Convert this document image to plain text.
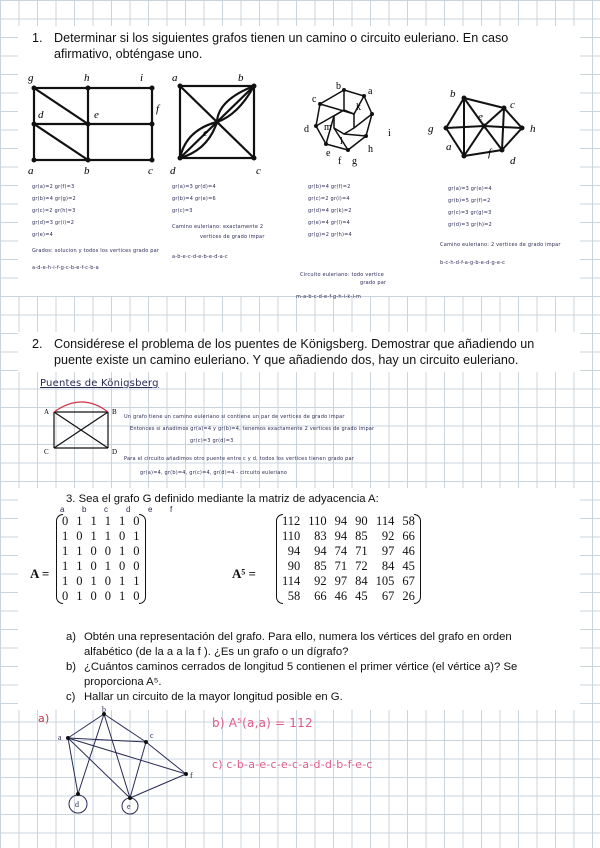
1. Determinar si los siguientes grafos tienen un camino o circuito euleriano. En caso
afirmativo, obténgase uno.
g	h	i
d	e	f
a	b	c
a	b
e
d	c
b	a
c
d	i
m
k
e	h
l
g
f
b
c
g
e
h
a	f
d
gr(a)=2 gr(f)=3
gr(b)=4 gr(g)=2
gr(c)=2 gr(h)=3
gr(d)=3 gr(i)=2
gr(e)=4
Grados: solucion y todos los vertices grado par
a-d-e-h-i-f-g-c-b-e-f-c-b-a
gr(a)=3 gr(d)=4
gr(b)=4 gr(e)=6
gr(c)=3
Camino euleriano: exactamente 2
vertices de grado impar
a-b-e-c-d-e-b-e-d-a-c
gr(b)=4 gr(f)=2
gr(c)=2 gr(i)=4
gr(d)=4 gr(k)=2
gr(e)=4 gr(l)=4
gr(g)=2 gr(h)=4
Circuito euleriano: todo vertice
grado par
m-a-b-c-d-e-f-g-h-i-k-l-m
gr(a)=3 gr(e)=4
gr(b)=5 gr(f)=2
gr(c)=3 gr(g)=3
gr(d)=3 gr(h)=2
Camino euleriano: 2 vertices de grado impar
b-c-h-d-f-a-g-b-e-d-g-e-c
2. Considérese el problema de los puentes de Königsberg. Demostrar que añadiendo un
puente existe un camino euleriano. Y que añadiendo dos, hay un circuito euleriano.
Puentes de Königsberg
A	B
C	D
Un grafo tiene un camino euleriano si contiene un par de vertices de grado impar
Entonces si añadimos gr(a)=4 y gr(b)=4, tenemos exactamente 2 vertices de grado impar
gr(c)=3 gr(d)=3
Para el circuito añadimos otro puente entre c y d, todos los vertices tienen grado par
gr(a)=4, gr(b)=4, gr(c)=4, gr(d)=4 - circuito euleriano
3. Sea el grafo G definido mediante la matriz de adyacencia A:
a b c d e f
A =
0	1	1	1	1	0
1	0	1	1	0	1
1	1	0	0	1	0
1	1	0	1	0	0
1	0	1	0	1	1
0	1	0	0	1	0
A⁵ =
112	110	94	90	114	58
110	83	94	85	92	66
94	94	74	71	97	46
90	85	71	72	84	45
114	92	97	84	105	67
58	66	46	45	67	26
a) Obtén una representación del grafo. Para ello, numera los vértices del grafo en orden
alfabético (de la a a la f ). ¿Es un grafo o un dígrafo?
b) ¿Cuántos caminos cerrados de longitud 5 contienen el primer vértice (el vértice a)? Se
proporciona A⁵.
c) Hallar un circuito de la mayor longitud posible en G.
a)
b
a	c
f
d	e
b) A⁵(a,a) = 112
c) c-b-a-e-c-e-c-a-d-d-b-f-e-c
